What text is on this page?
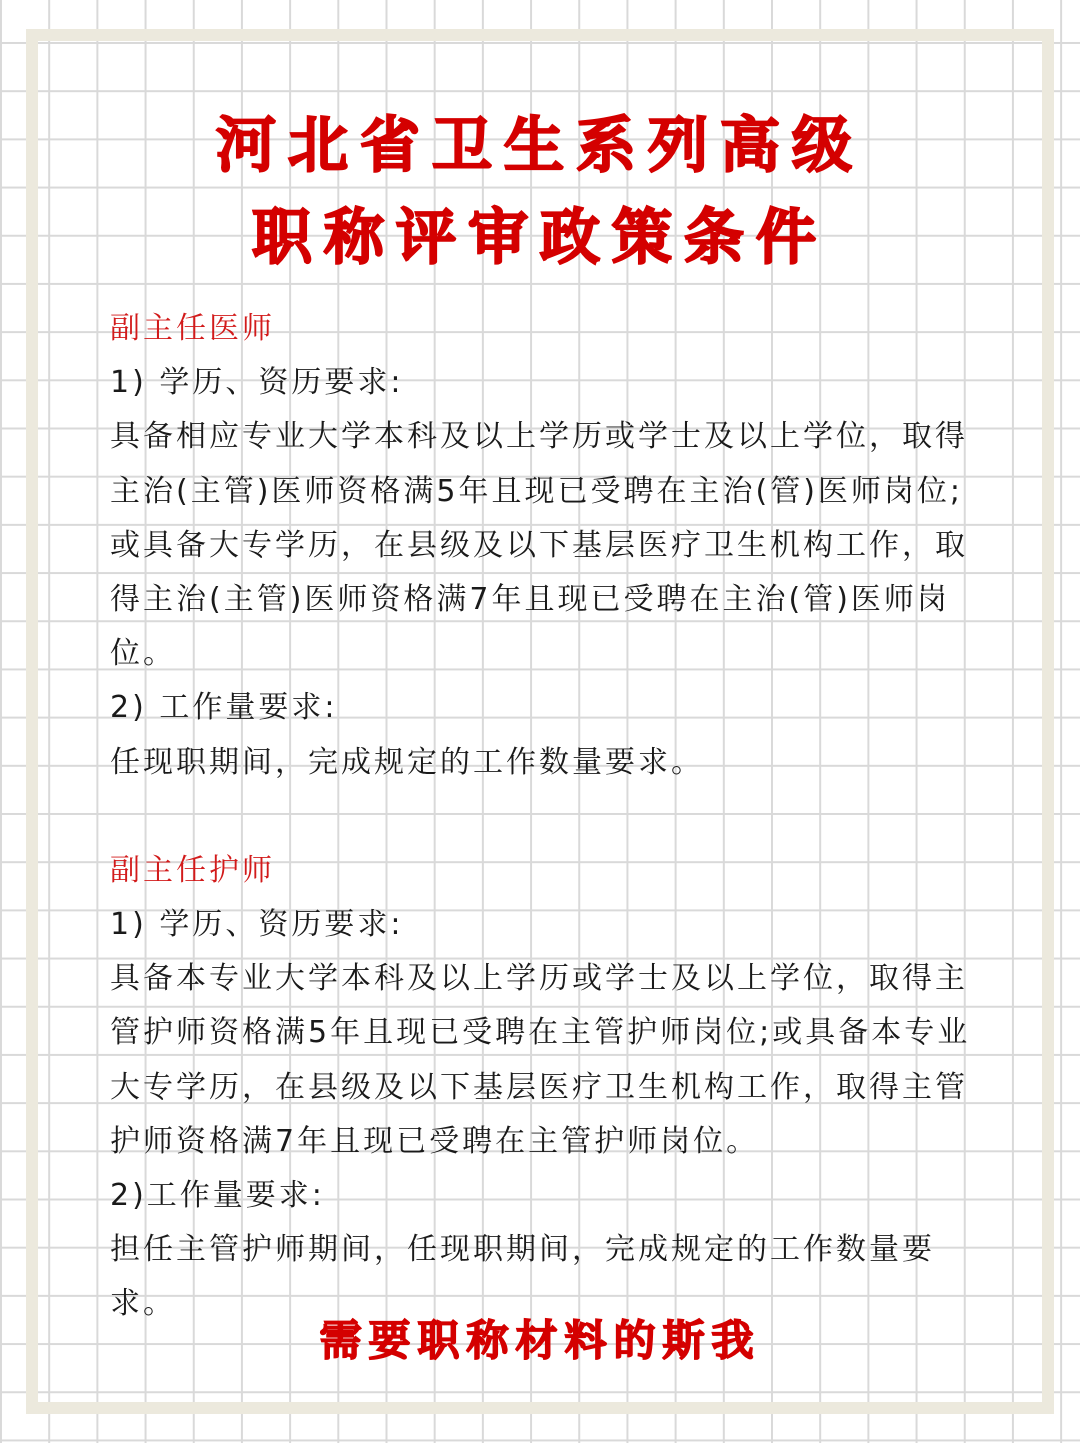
河北省卫生系列高级
职称评审政策条件
副主任医师
1) 学历、资历要求:
具备相应专业大学本科及以上学历或学士及以上学位，取得主治(主管)医师资格满5年且现已受聘在主治(管)医师岗位;或具备大专学历，在县级及以下基层医疗卫生机构工作，取得主治(主管)医师资格满7年且现已受聘在主治(管)医师岗位。
2) 工作量要求:
任现职期间，完成规定的工作数量要求。
副主任护师
1) 学历、资历要求:
具备本专业大学本科及以上学历或学士及以上学位，取得主管护师资格满5年且现已受聘在主管护师岗位;或具备本专业大专学历，在县级及以下基层医疗卫生机构工作，取得主管护师资格满7年且现已受聘在主管护师岗位。
2)工作量要求:
担任主管护师期间，任现职期间，完成规定的工作数量要求。
需要职称材料的斯我
